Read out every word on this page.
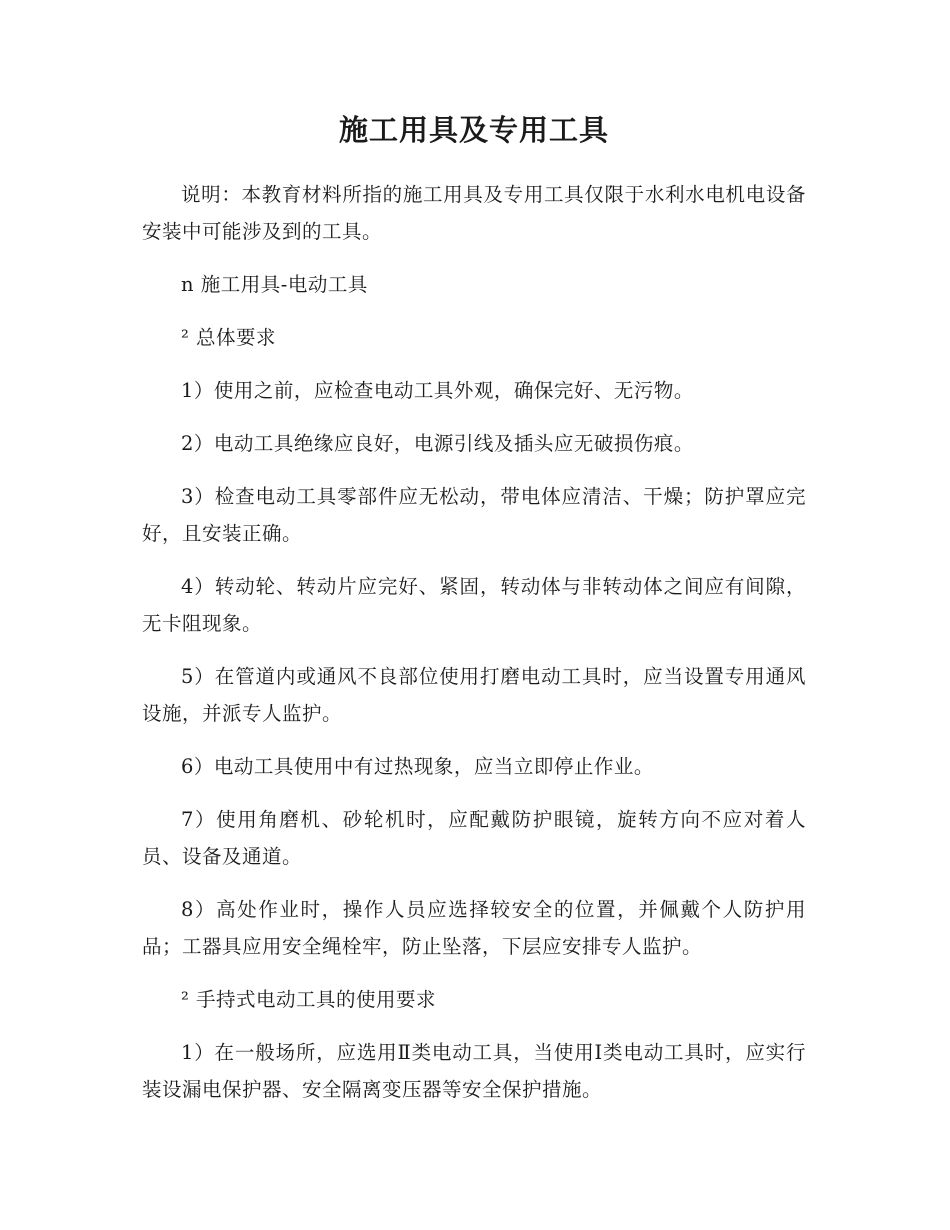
施工用具及专用工具

说明：本教育材料所指的施工用具及专用工具仅限于水利水电机电设备安装中可能涉及到的工具。

n 施工用具-电动工具

² 总体要求

1）使用之前，应检查电动工具外观，确保完好、无污物。

2）电动工具绝缘应良好，电源引线及插头应无破损伤痕。

3）检查电动工具零部件应无松动，带电体应清洁、干燥；防护罩应完好，且安装正确。

4）转动轮、转动片应完好、紧固，转动体与非转动体之间应有间隙，无卡阻现象。

5）在管道内或通风不良部位使用打磨电动工具时，应当设置专用通风设施，并派专人监护。

6）电动工具使用中有过热现象，应当立即停止作业。

7）使用角磨机、砂轮机时，应配戴防护眼镜，旋转方向不应对着人员、设备及通道。

8）高处作业时，操作人员应选择较安全的位置，并佩戴个人防护用品；工器具应用安全绳栓牢，防止坠落，下层应安排专人监护。

² 手持式电动工具的使用要求

1）在一般场所，应选用Ⅱ类电动工具，当使用Ⅰ类电动工具时，应实行装设漏电保护器、安全隔离变压器等安全保护措施。
